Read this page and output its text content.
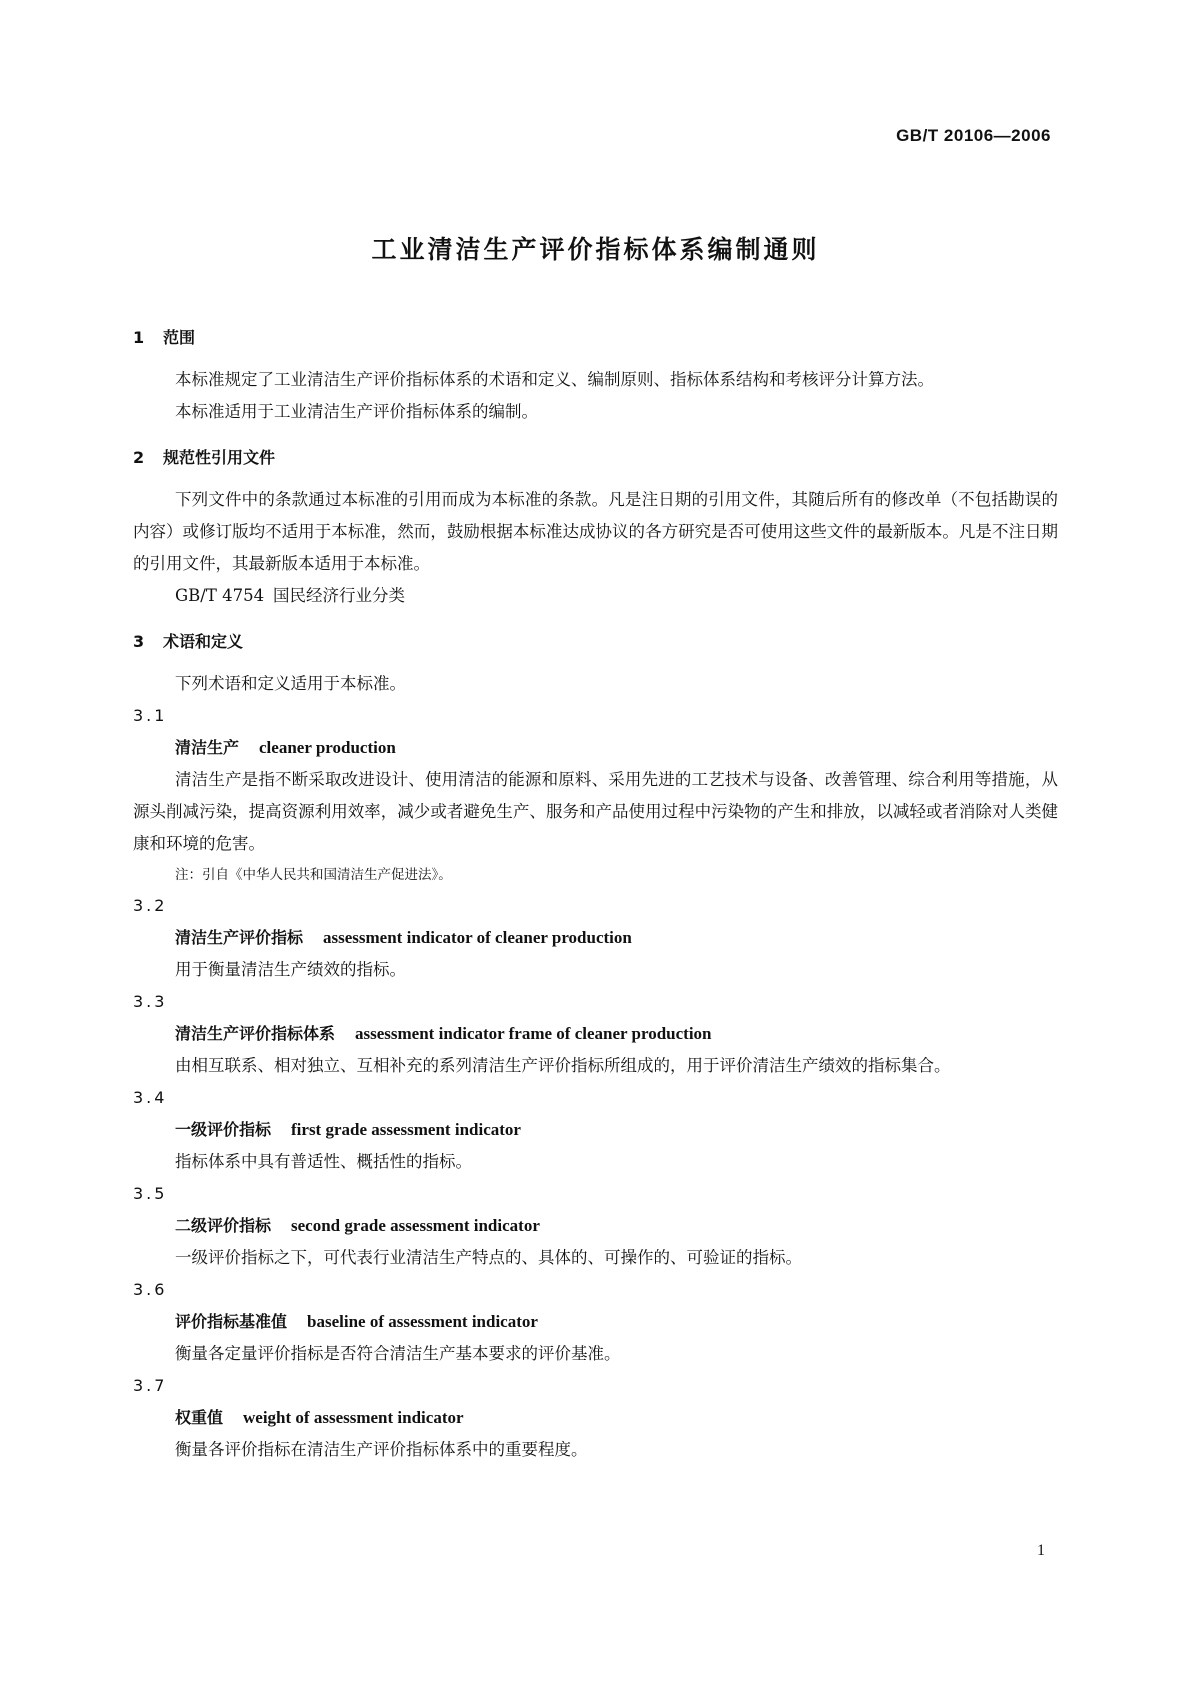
GB/T 20106—2006
工业清洁生产评价指标体系编制通则
1 范围

本标准规定了工业清洁生产评价指标体系的术语和定义、编制原则、指标体系结构和考核评分计算方法。

本标准适用于工业清洁生产评价指标体系的编制。

2 规范性引用文件

下列文件中的条款通过本标准的引用而成为本标准的条款。凡是注日期的引用文件，其随后所有的修改单（不包括勘误的内容）或修订版均不适用于本标准，然而，鼓励根据本标准达成协议的各方研究是否可使用这些文件的最新版本。凡是不注日期的引用文件，其最新版本适用于本标准。

GB/T 4754 国民经济行业分类

3 术语和定义

下列术语和定义适用于本标准。

3.1
清洁生产 cleaner production

清洁生产是指不断采取改进设计、使用清洁的能源和原料、采用先进的工艺技术与设备、改善管理、综合利用等措施，从源头削减污染，提高资源利用效率，减少或者避免生产、服务和产品使用过程中污染物的产生和排放，以减轻或者消除对人类健康和环境的危害。

注：引自《中华人民共和国清洁生产促进法》。
3.2
清洁生产评价指标 assessment indicator of cleaner production

用于衡量清洁生产绩效的指标。

3.3
清洁生产评价指标体系 assessment indicator frame of cleaner production

由相互联系、相对独立、互相补充的系列清洁生产评价指标所组成的，用于评价清洁生产绩效的指标集合。

3.4
一级评价指标 first grade assessment indicator

指标体系中具有普适性、概括性的指标。

3.5
二级评价指标 second grade assessment indicator

一级评价指标之下，可代表行业清洁生产特点的、具体的、可操作的、可验证的指标。

3.6
评价指标基准值 baseline of assessment indicator

衡量各定量评价指标是否符合清洁生产基本要求的评价基准。

3.7
权重值 weight of assessment indicator

衡量各评价指标在清洁生产评价指标体系中的重要程度。

1
